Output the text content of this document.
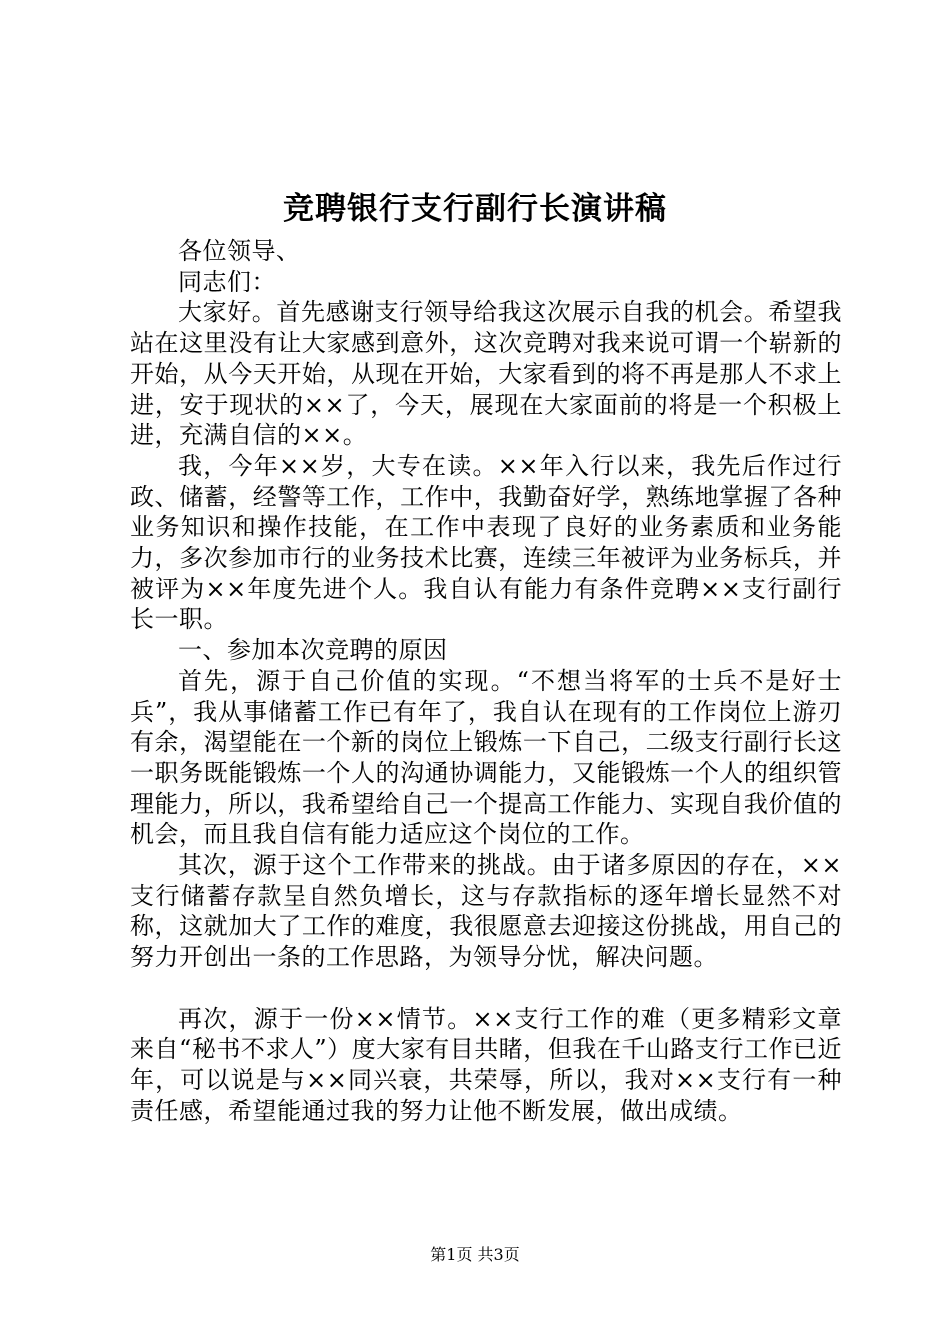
竞聘银行支行副行长演讲稿

各位领导、

同志们：

大家好。首先感谢支行领导给我这次展示自我的机会。希望我站在这里没有让大家感到意外，这次竞聘对我来说可谓一个崭新的开始，从今天开始，从现在开始，大家看到的将不再是那人不求上进，安于现状的××了，今天，展现在大家面前的将是一个积极上进，充满自信的××。

我，今年××岁，大专在读。××年入行以来，我先后作过行政、储蓄，经警等工作，工作中，我勤奋好学，熟练地掌握了各种业务知识和操作技能，在工作中表现了良好的业务素质和业务能力，多次参加市行的业务技术比赛，连续三年被评为业务标兵，并被评为××年度先进个人。我自认有能力有条件竞聘××支行副行长一职。

一、参加本次竞聘的原因

首先，源于自己价值的实现。“不想当将军的士兵不是好士兵”，我从事储蓄工作已有年了，我自认在现有的工作岗位上游刃有余，渴望能在一个新的岗位上锻炼一下自己，二级支行副行长这一职务既能锻炼一个人的沟通协调能力，又能锻炼一个人的组织管理能力，所以，我希望给自己一个提高工作能力、实现自我价值的机会，而且我自信有能力适应这个岗位的工作。

其次，源于这个工作带来的挑战。由于诸多原因的存在，××支行储蓄存款呈自然负增长，这与存款指标的逐年增长显然不对称，这就加大了工作的难度，我很愿意去迎接这份挑战，用自己的努力开创出一条的工作思路，为领导分忧，解决问题。

再次，源于一份××情节。××支行工作的难（更多精彩文章来自“秘书不求人”）度大家有目共睹，但我在千山路支行工作已近年，可以说是与××同兴衰，共荣辱，所以，我对××支行有一种责任感，希望能通过我的努力让他不断发展，做出成绩。

第1页 共3页
